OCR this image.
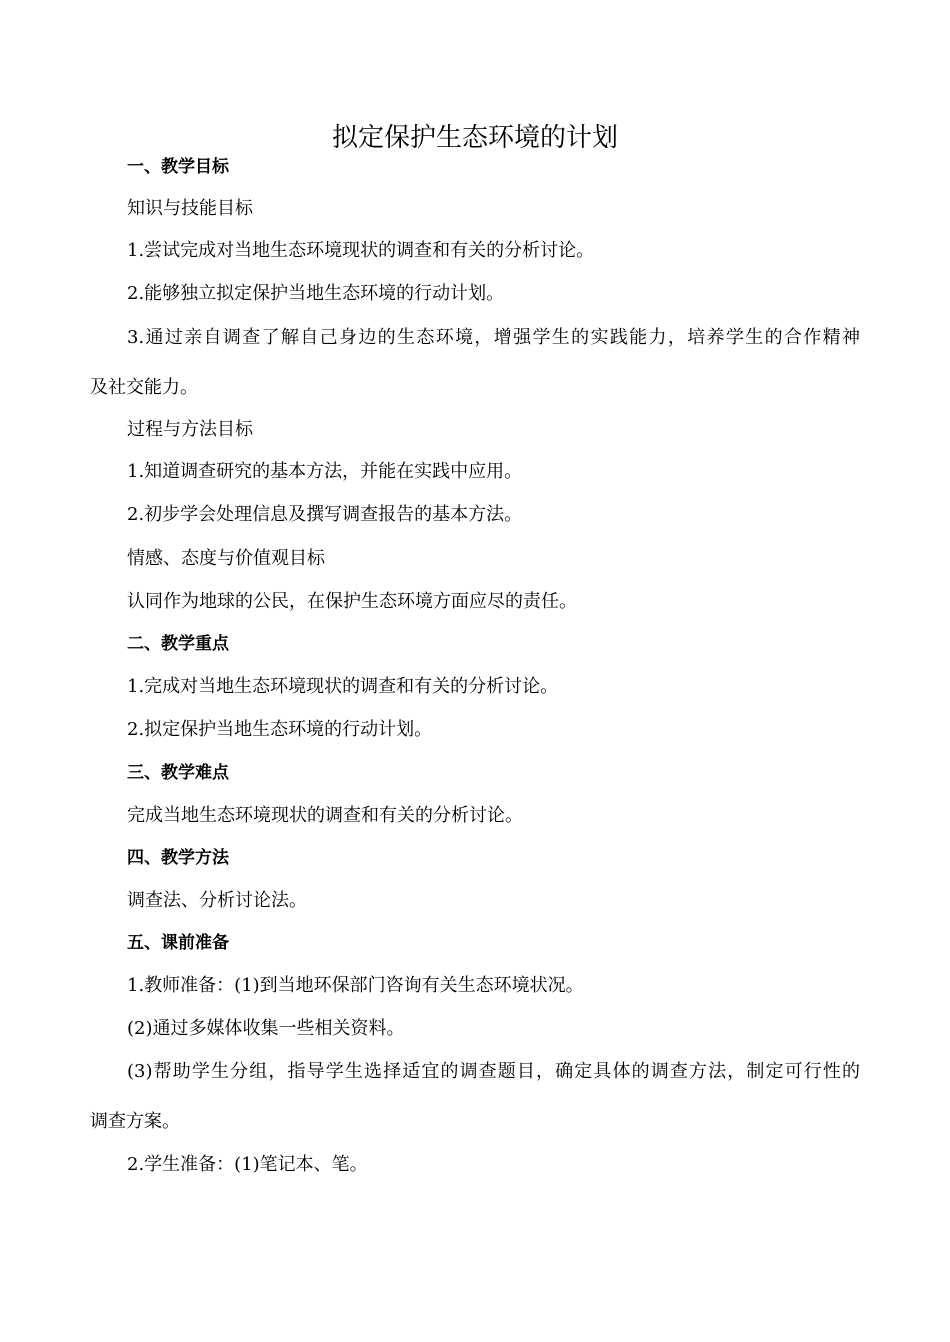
拟定保护生态环境的计划

一、教学目标

知识与技能目标

1.尝试完成对当地生态环境现状的调查和有关的分析讨论。

2.能够独立拟定保护当地生态环境的行动计划。

3.通过亲自调查了解自己身边的生态环境，增强学生的实践能力，培养学生的合作精神

及社交能力。

过程与方法目标

1.知道调查研究的基本方法，并能在实践中应用。

2.初步学会处理信息及撰写调查报告的基本方法。

情感、态度与价值观目标

认同作为地球的公民，在保护生态环境方面应尽的责任。

二、教学重点

1.完成对当地生态环境现状的调查和有关的分析讨论。

2.拟定保护当地生态环境的行动计划。

三、教学难点

完成当地生态环境现状的调查和有关的分析讨论。

四、教学方法

调查法、分析讨论法。

五、课前准备

1.教师准备：(1)到当地环保部门咨询有关生态环境状况。

(2)通过多媒体收集一些相关资料。

(3)帮助学生分组，指导学生选择适宜的调查题目，确定具体的调查方法，制定可行性的

调查方案。

2.学生准备：(1)笔记本、笔。
